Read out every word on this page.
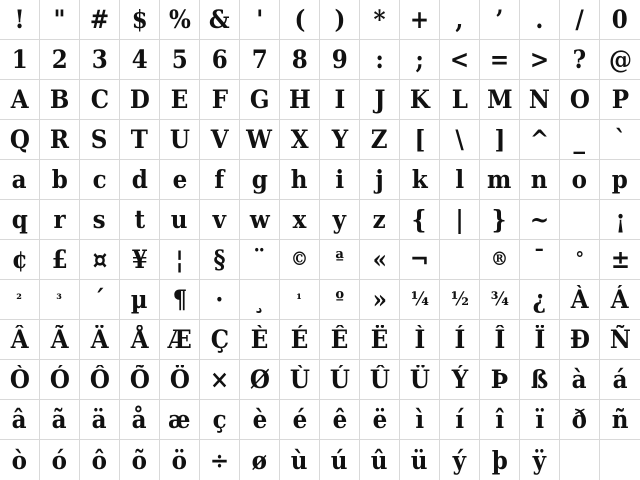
! " # $ % & ' ( ) * + , ’ . / 0
1 2 3 4 5 6 7 8 9 : ; < = > ? @
A B C D E F G H I J K L M N O P
Q R S T U V W X Y Z [ \ ] ^ _ `
a b c d e f g h i j k l m n o p
q r s t u v w x y z { | } ~	¡
¢ £ ¤ ¥ ¦ § ¨ © ª « ¬	® ¯ ° ±
² ³ ´ µ ¶ · ¸ ¹ º » ¼ ½ ¾ ¿ À Á
Â Ã Ä Å Æ Ç È É Ê Ë Ì Í Î Ï Ð Ñ
Ò Ó Ô Õ Ö × Ø Ù Ú Û Ü Ý Þ ß à á
â ã ä å æ ç è é ê ë ì í î ï ð ñ
ò ó ô õ ö ÷ ø ù ú û ü ý þ ÿ
